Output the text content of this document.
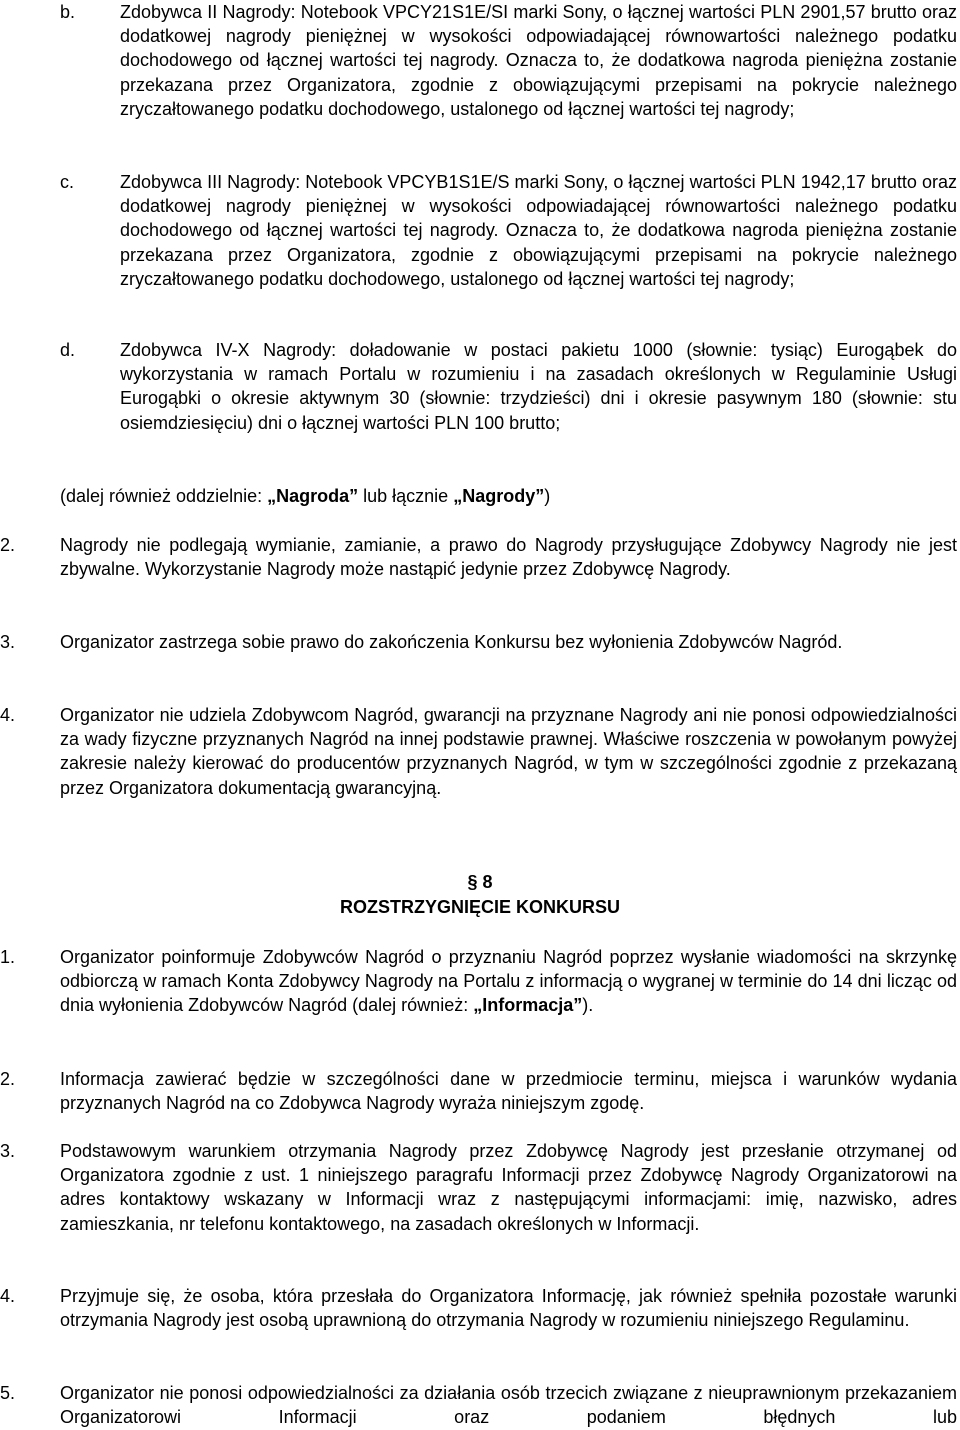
b. Zdobywca II Nagrody: Notebook VPCY21S1E/SI marki Sony, o łącznej wartości PLN 2901,57 brutto oraz dodatkowej nagrody pieniężnej w wysokości odpowiadającej równowartości należnego podatku dochodowego od łącznej wartości tej nagrody. Oznacza to, że dodatkowa nagroda pieniężna zostanie przekazana przez Organizatora, zgodnie z obowiązującymi przepisami na pokrycie należnego zryczałtowanego podatku dochodowego, ustalonego od łącznej wartości tej nagrody;

c.	Zdobywca III Nagrody: Notebook VPCYB1S1E/S marki Sony, o łącznej wartości PLN 1942,17 brutto oraz dodatkowej nagrody pieniężnej w wysokości odpowiadającej równowartości należnego podatku dochodowego od łącznej wartości tej nagrody. Oznacza to, że dodatkowa nagroda pieniężna zostanie przekazana przez Organizatora, zgodnie z obowiązującymi przepisami na pokrycie należnego zryczałtowanego podatku dochodowego, ustalonego od łącznej wartości tej nagrody;

d. Zdobywca IV-X Nagrody: doładowanie w postaci pakietu 1000 (słownie: tysiąc) Eurogąbek do wykorzystania w ramach Portalu w rozumieniu i na zasadach określonych w Regulaminie Usługi Eurogąbki o okresie aktywnym 30 (słownie: trzydzieści) dni i okresie pasywnym 180 (słownie: stu osiemdziesięciu) dni o łącznej wartości PLN 100 brutto;

(dalej również oddzielnie: „Nagroda” lub łącznie „Nagrody”)

2. Nagrody nie podlegają wymianie, zamianie, a prawo do Nagrody przysługujące Zdobywcy Nagrody nie jest zbywalne. Wykorzystanie Nagrody może nastąpić jedynie przez Zdobywcę Nagrody.

3. Organizator zastrzega sobie prawo do zakończenia Konkursu bez wyłonienia Zdobywców Nagród.

4. Organizator nie udziela Zdobywcom Nagród, gwarancji na przyznane Nagrody ani nie ponosi odpowiedzialności za wady fizyczne przyznanych Nagród na innej podstawie prawnej. Właściwe roszczenia w powołanym powyżej zakresie należy kierować do producentów przyznanych Nagród, w tym w szczególności zgodnie z przekazaną przez Organizatora dokumentacją gwarancyjną.

§ 8
ROZSTRZYGNIĘCIE KONKURSU
1. Organizator poinformuje Zdobywców Nagród o przyznaniu Nagród poprzez wysłanie wiadomości na skrzynkę odbiorczą w ramach Konta Zdobywcy Nagrody na Portalu z informacją o wygranej w terminie do 14 dni licząc od dnia wyłonienia Zdobywców Nagród (dalej również: „Informacja”).

2. Informacja zawierać będzie w szczególności dane w przedmiocie terminu, miejsca i warunków wydania przyznanych Nagród na co Zdobywca Nagrody wyraża niniejszym zgodę.

3. Podstawowym warunkiem otrzymania Nagrody przez Zdobywcę Nagrody jest przesłanie otrzymanej od Organizatora zgodnie z ust. 1 niniejszego paragrafu Informacji przez Zdobywcę Nagrody Organizatorowi na adres kontaktowy wskazany w Informacji wraz z następującymi informacjami: imię, nazwisko, adres zamieszkania, nr telefonu kontaktowego, na zasadach określonych w Informacji.

4. Przyjmuje się, że osoba, która przesłała do Organizatora Informację, jak również spełniła pozostałe warunki otrzymania Nagrody jest osobą uprawnioną do otrzymania Nagrody w rozumieniu niniejszego Regulaminu.

5. Organizator nie ponosi odpowiedzialności za działania osób trzecich związane z nieuprawnionym przekazaniem Organizatorowi Informacji oraz podaniem błędnych lub
